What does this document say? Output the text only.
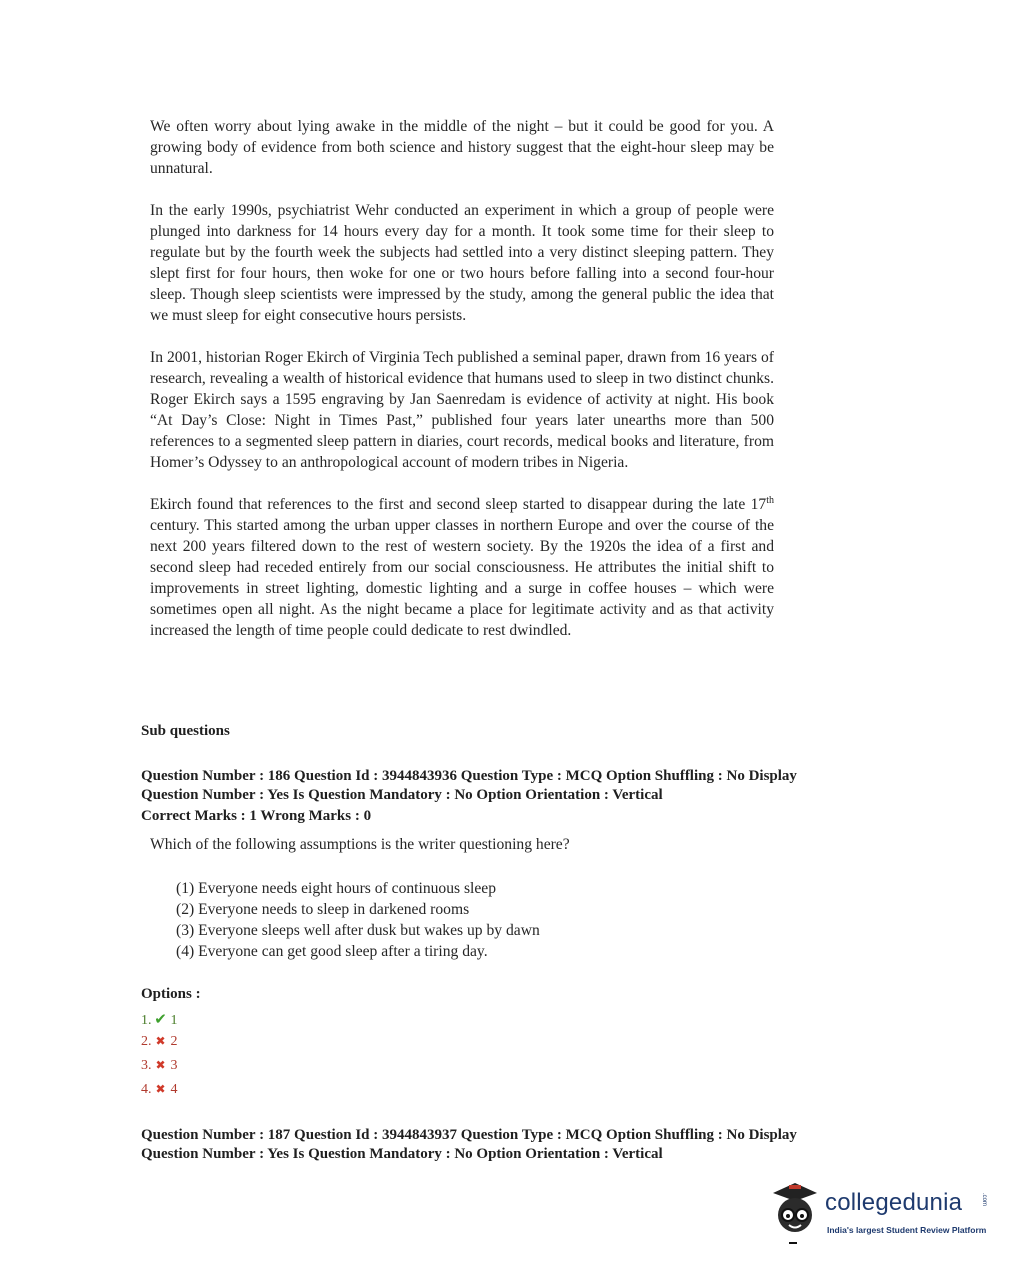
We often worry about lying awake in the middle of the night – but it could be good for you. A growing body of evidence from both science and history suggest that the eight-hour sleep may be unnatural.

In the early 1990s, psychiatrist Wehr conducted an experiment in which a group of people were plunged into darkness for 14 hours every day for a month. It took some time for their sleep to regulate but by the fourth week the subjects had settled into a very distinct sleeping pattern. They slept first for four hours, then woke for one or two hours before falling into a second four-hour sleep. Though sleep scientists were impressed by the study, among the general public the idea that we must sleep for eight consecutive hours persists.

In 2001, historian Roger Ekirch of Virginia Tech published a seminal paper, drawn from 16 years of research, revealing a wealth of historical evidence that humans used to sleep in two distinct chunks. Roger Ekirch says a 1595 engraving by Jan Saenredam is evidence of activity at night. His book “At Day’s Close: Night in Times Past,” published four years later unearths more than 500 references to a segmented sleep pattern in diaries, court records, medical books and literature, from Homer’s Odyssey to an anthropological account of modern tribes in Nigeria.

Ekirch found that references to the first and second sleep started to disappear during the late 17th century. This started among the urban upper classes in northern Europe and over the course of the next 200 years filtered down to the rest of western society. By the 1920s the idea of a first and second sleep had receded entirely from our social consciousness. He attributes the initial shift to improvements in street lighting, domestic lighting and a surge in coffee houses – which were sometimes open all night. As the night became a place for legitimate activity and as that activity increased the length of time people could dedicate to rest dwindled.

Sub questions
Question Number : 186 Question Id : 3944843936 Question Type : MCQ Option Shuffling : No Display
Question Number : Yes Is Question Mandatory : No Option Orientation : Vertical
Correct Marks : 1 Wrong Marks : 0
Which of the following assumptions is the writer questioning here?

(1) Everyone needs eight hours of continuous sleep

(2) Everyone needs to sleep in darkened rooms

(3) Everyone sleeps well after dusk but wakes up by dawn

(4) Everyone can get good sleep after a tiring day.

Options :
1. ✔ 1
2. ✖ 2
3. ✖ 3
4. ✖ 4
Question Number : 187 Question Id : 3944843937 Question Type : MCQ Option Shuffling : No Display
Question Number : Yes Is Question Mandatory : No Option Orientation : Vertical
collegedunia	.com
India's largest Student Review Platform
